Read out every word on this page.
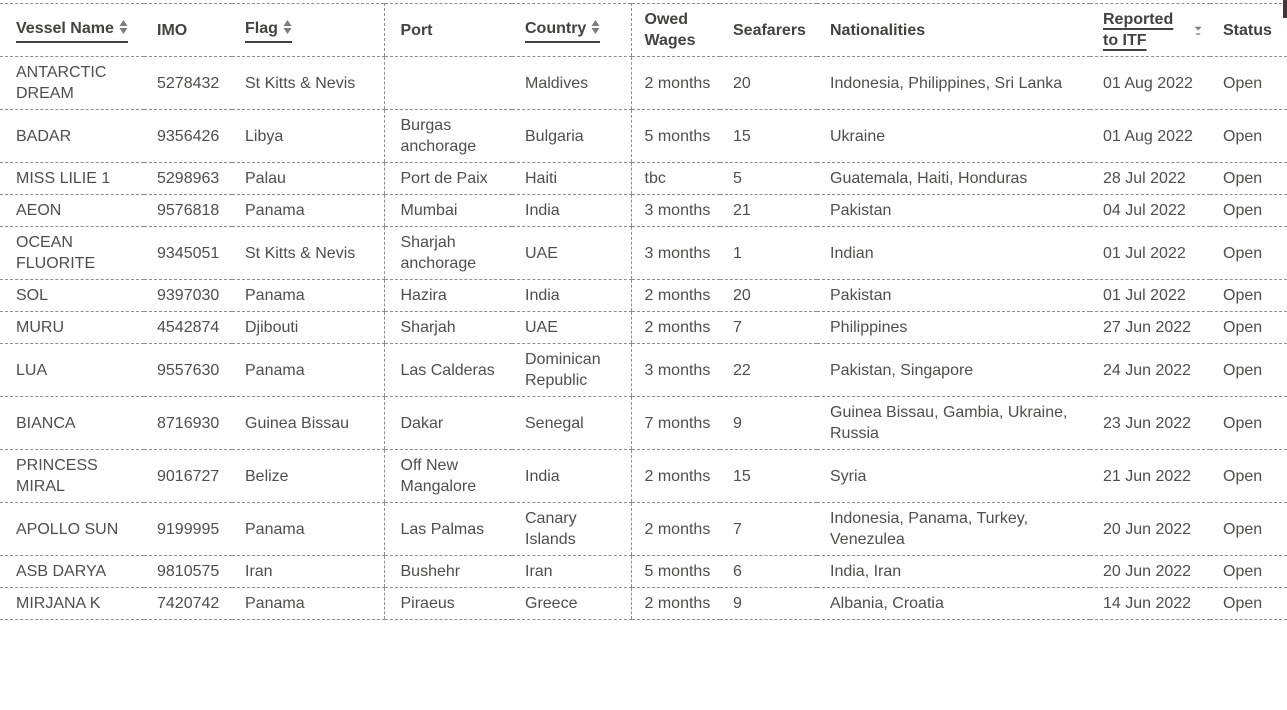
Vessel Name	IMO	Flag	Port	Country	Owed Wages	Seafarers	Nationalities	Reported to ITF	Status
ANTARCTIC DREAM	5278432	St Kitts & Nevis		Maldives	2 months	20	Indonesia, Philippines, Sri Lanka	01 Aug 2022	Open
BADAR	9356426	Libya	Burgas anchorage	Bulgaria	5 months	15	Ukraine	01 Aug 2022	Open
MISS LILIE 1	5298963	Palau	Port de Paix	Haiti	tbc	5	Guatemala, Haiti, Honduras	28 Jul 2022	Open
AEON	9576818	Panama	Mumbai	India	3 months	21	Pakistan	04 Jul 2022	Open
OCEAN FLUORITE	9345051	St Kitts & Nevis	Sharjah anchorage	UAE	3 months	1	Indian	01 Jul 2022	Open
SOL	9397030	Panama	Hazira	India	2 months	20	Pakistan	01 Jul 2022	Open
MURU	4542874	Djibouti	Sharjah	UAE	2 months	7	Philippines	27 Jun 2022	Open
LUA	9557630	Panama	Las Calderas	Dominican Republic	3 months	22	Pakistan, Singapore	24 Jun 2022	Open
BIANCA	8716930	Guinea Bissau	Dakar	Senegal	7 months	9	Guinea Bissau, Gambia, Ukraine, Russia	23 Jun 2022	Open
PRINCESS MIRAL	9016727	Belize	Off New Mangalore	India	2 months	15	Syria	21 Jun 2022	Open
APOLLO SUN	9199995	Panama	Las Palmas	Canary Islands	2 months	7	Indonesia, Panama, Turkey, Venezulea	20 Jun 2022	Open
ASB DARYA	9810575	Iran	Bushehr	Iran	5 months	6	India, Iran	20 Jun 2022	Open
MIRJANA K	7420742	Panama	Piraeus	Greece	2 months	9	Albania, Croatia	14 Jun 2022	Open
